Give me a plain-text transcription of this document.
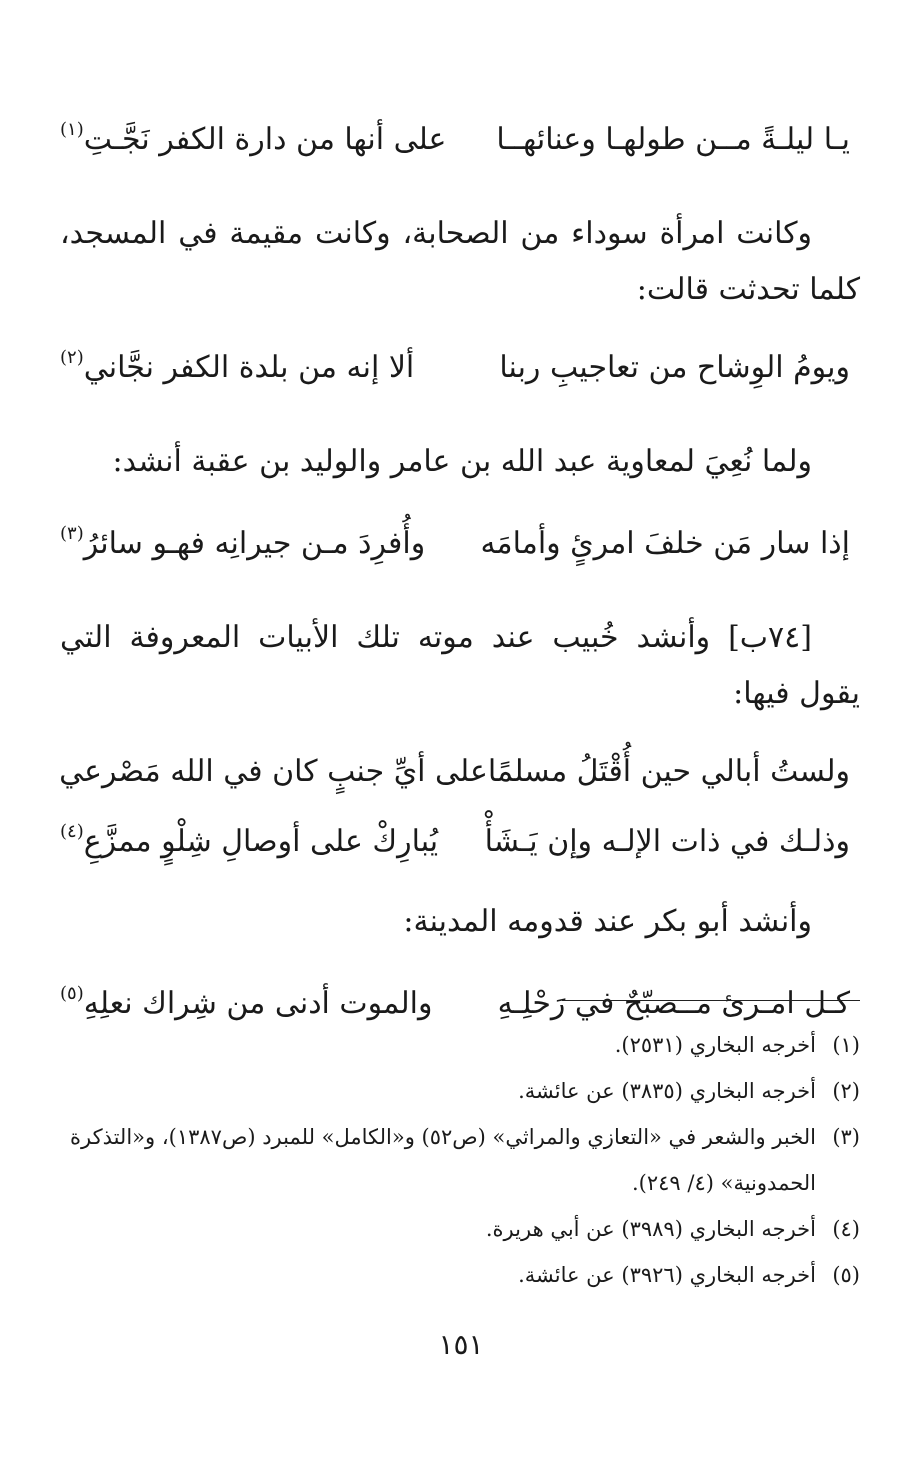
يـا ليلـةً مــن طولهـا وعنائهــا
على أنها من دارة الكفر نَجَّـتِ$^{(١)}$
وكانت امرأة سوداء من الصحابة، وكانت مقيمة في المسجد، كلما تحدثت قالت:
ويومُ الوِشاح من تعاجيبِ ربنا
ألا إنه من بلدة الكفر نجَّاني$^{(٢)}$
ولما نُعِيَ لمعاوية عبد الله بن عامر والوليد بن عقبة أنشد:
إذا سار مَن خلفَ امرئٍ وأمامَه
وأُفرِدَ مـن جيرانِه فهـو سائرُ$^{(٣)}$
[٧٤ب] وأنشد خُبيب عند موته تلك الأبيات المعروفة التي يقول فيها:
ولستُ أبالي حين أُقْتَلُ مسلمًا
على أيِّ جنبٍ كان في الله مَصْرعي
وذلـك في ذات الإلـه وإن يَـشَأْ
يُبارِكْ على أوصالِ شِلْوٍ ممزَّعِ$^{(٤)}$
وأنشد أبو بكر عند قدومه المدينة:
كـل امـرئ مــصبّحٌ في رَحْلِـهِ
والموت أدنى من شِراك نعلِهِ$^{(٥)}$
(١)
أخرجه البخاري (٢٥٣١).
(٢)
أخرجه البخاري (٣٨٣٥) عن عائشة.
(٣)
الخبر والشعر في «التعازي والمراثي» (ص٥٢) و«الكامل» للمبرد (ص١٣٨٧)، و«التذكرة الحمدونية» (٤/ ٢٤٩).
(٤)
أخرجه البخاري (٣٩٨٩) عن أبي هريرة.
(٥)
أخرجه البخاري (٣٩٢٦) عن عائشة.
١٥١
